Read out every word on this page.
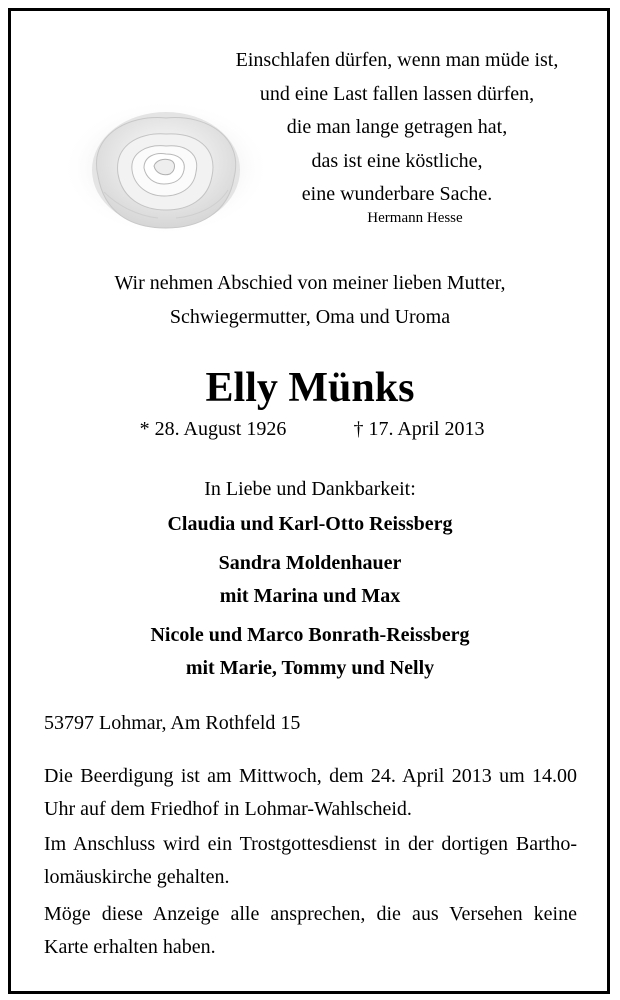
Einschlafen dürfen, wenn man müde ist,
und eine Last fallen lassen dürfen,
die man lange getragen hat,
das ist eine köstliche,
eine wunderbare Sache.
Hermann Hesse
Wir nehmen Abschied von meiner lieben Mutter,
Schwiegermutter, Oma und Uroma
Elly Münks
* 28. August 1926	† 17. April 2013
In Liebe und Dankbarkeit:
Claudia und Karl-Otto Reissberg
Sandra Moldenhauer
mit Marina und Max
Nicole und Marco Bonrath-Reissberg
mit Marie, Tommy und Nelly
53797 Lohmar, Am Rothfeld 15

Die Beerdigung ist am Mittwoch, dem 24. April 2013 um 14.00 Uhr auf dem Friedhof in Lohmar-Wahlscheid.

Im Anschluss wird ein Trostgottesdienst in der dortigen Bartho-lomäuskirche gehalten.

Möge diese Anzeige alle ansprechen, die aus Versehen keine Karte erhalten haben.
